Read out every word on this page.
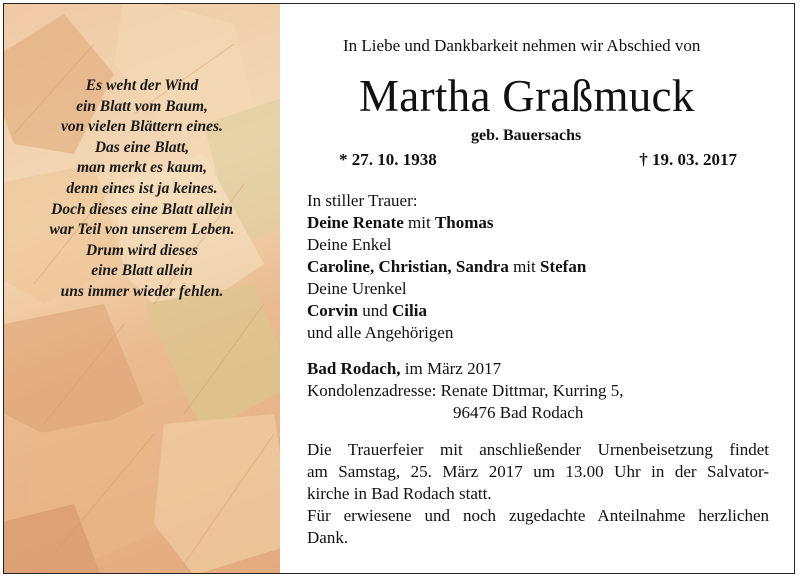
Es weht der Wind
ein Blatt vom Baum,
von vielen Blättern eines.
Das eine Blatt,
man merkt es kaum,
denn eines ist ja keines.
Doch dieses eine Blatt allein
war Teil von unserem Leben.
Drum wird dieses
eine Blatt allein
uns immer wieder fehlen.
In Liebe und Dankbarkeit nehmen wir Abschied von
Martha Graßmuck
geb. Bauersachs
* 27. 10. 1938	† 19. 03. 2017
In stiller Trauer:
Deine Renate mit Thomas
Deine Enkel
Caroline, Christian, Sandra mit Stefan
Deine Urenkel
Corvin und Cilia
und alle Angehörigen
Bad Rodach, im März 2017
Kondolenzadresse: Renate Dittmar, Kurring 5,
96476 Bad Rodach
Die Trauerfeier mit anschließender Urnenbeisetzung findet
am Samstag, 25. März 2017 um 13.00 Uhr in der Salvator-
kirche in Bad Rodach statt.
Für erwiesene und noch zugedachte Anteilnahme herzlichen
Dank.
